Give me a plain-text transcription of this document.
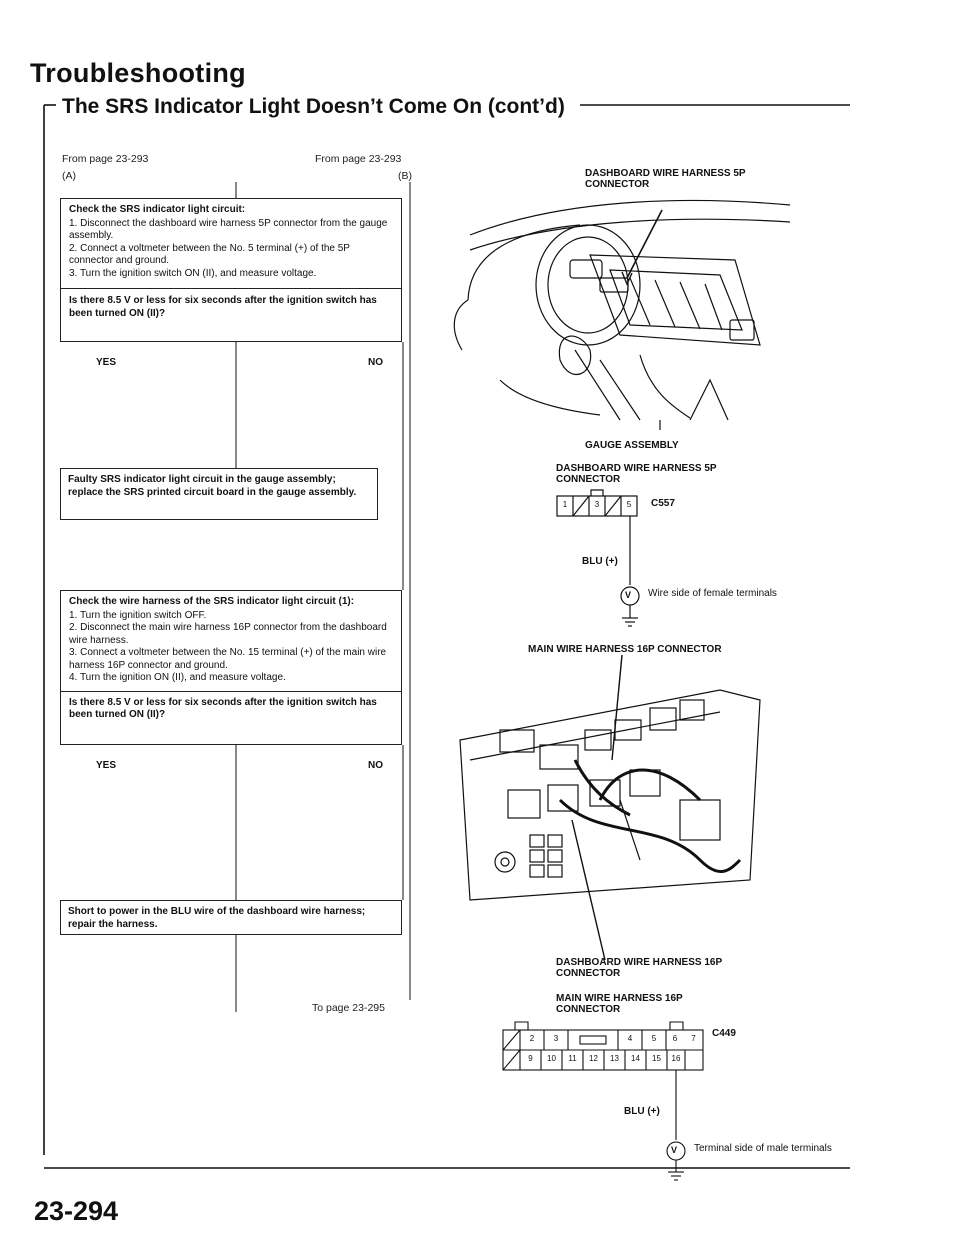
Troubleshooting
The SRS Indicator Light Doesn’t Come On (cont’d)
From page 23-293
(A)
From page 23-293
(B)
Check the SRS indicator light circuit:
1. Disconnect the dashboard wire harness 5P connector from the gauge assembly.
2. Connect a voltmeter between the No. 5 terminal (+) of the 5P connector and ground.
3. Turn the ignition switch ON (II), and measure voltage.
Is there 8.5 V or less for six seconds after the ignition switch has been turned ON (II)?
YES	NO
Faulty SRS indicator light circuit in the gauge assembly; replace the SRS printed circuit board in the gauge assembly.
Check the wire harness of the SRS indicator light circuit (1):
1. Turn the ignition switch OFF.
2. Disconnect the main wire harness 16P connector from the dashboard wire harness.
3. Connect a voltmeter between the No. 15 terminal (+) of the main wire harness 16P connector and ground.
4. Turn the ignition ON (II), and measure voltage.
Is there 8.5 V or less for six seconds after the ignition switch has been turned ON (II)?
YES	NO
Short to power in the BLU wire of the dashboard wire harness; repair the harness.
To page 23-295
DASHBOARD WIRE HARNESS 5P CONNECTOR
GAUGE ASSEMBLY
DASHBOARD WIRE HARNESS 5P CONNECTOR
C557
1	3	5
BLU (+)
V Wire side of female terminals
MAIN WIRE HARNESS 16P CONNECTOR
DASHBOARD WIRE HARNESS 16P CONNECTOR
MAIN WIRE HARNESS 16P CONNECTOR
C449
2	3	4	5	6	7
9	10	11	12	13	14	15	16
BLU (+)
V Terminal side of male terminals
23-294
